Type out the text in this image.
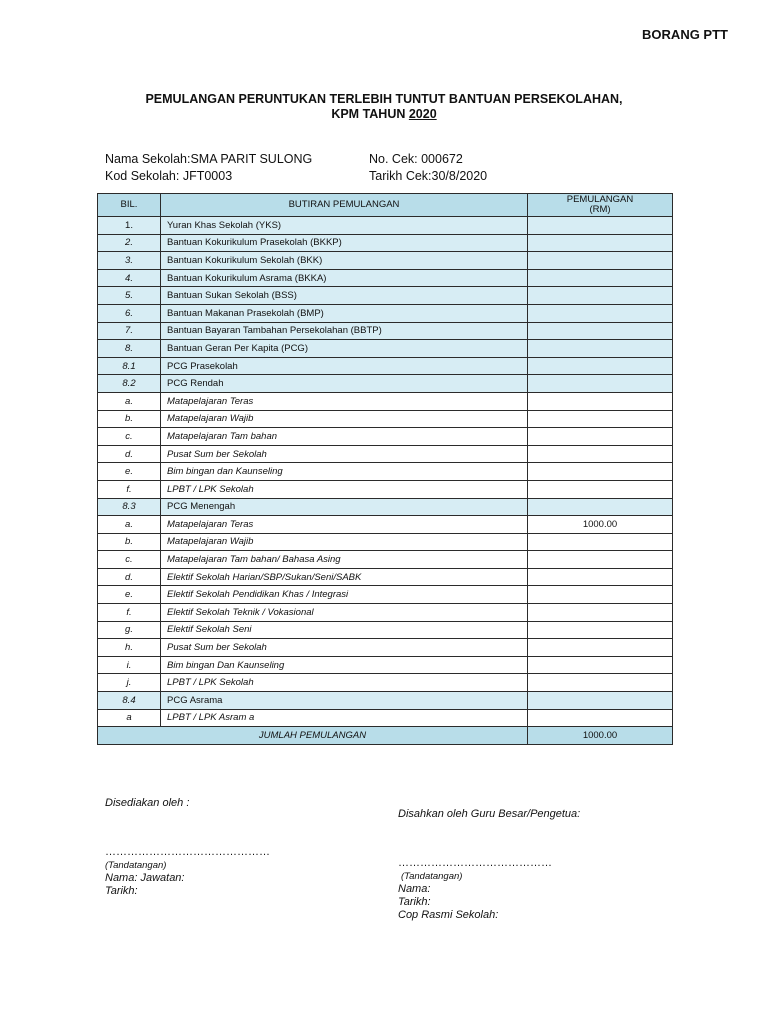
BORANG PTT
PEMULANGAN PERUNTUKAN TERLEBIH TUNTUT BANTUAN PERSEKOLAHAN,
KPM TAHUN 2020
Nama Sekolah:SMA PARIT SULONG
Kod Sekolah: JFT0003
No. Cek: 000672
Tarikh Cek:30/8/2020
BIL.	BUTIRAN PEMULANGAN	PEMULANGAN
(RM)

1.	Yuran Khas Sekolah (YKS)	
2.	Bantuan Kokurikulum Prasekolah (BKKP)	
3.	Bantuan Kokurikulum Sekolah (BKK)	
4.	Bantuan Kokurikulum Asrama (BKKA)	
5.	Bantuan Sukan Sekolah (BSS)	
6.	Bantuan Makanan Prasekolah (BMP)	
7.	Bantuan Bayaran Tambahan Persekolahan (BBTP)	
8.	Bantuan Geran Per Kapita (PCG)	
8.1	PCG Prasekolah	
8.2	PCG Rendah	
a.	Matapelajaran Teras	
b.	Matapelajaran Wajib	
c.	Matapelajaran Tam bahan	
d.	Pusat Sum ber Sekolah	
e.	Bim bingan dan Kaunseling	
f.	LPBT / LPK Sekolah	
8.3	PCG Menengah	
a.	Matapelajaran Teras	1000.00
b.	Matapelajaran Wajib	
c.	Matapelajaran Tam bahan/ Bahasa Asing	
d.	Elektif Sekolah Harian/SBP/Sukan/Seni/SABK	
e.	Elektif Sekolah Pendidikan Khas / Integrasi	
f.	Elektif Sekolah Teknik / Vokasional	
g.	Elektif Sekolah Seni	
h.	Pusat Sum ber Sekolah	
i.	Bim bingan Dan Kaunseling	
j.	LPBT / LPK Sekolah	
8.4	PCG Asrama	
a	LPBT / LPK Asram a	
JUMLAH PEMULANGAN		1000.00
Disediakan oleh :
………………………………………
(Tandatangan)
Nama: Jawatan:
Tarikh:
Disahkan oleh Guru Besar/Pengetua:
……………………………………
(Tandatangan)
Nama:
Tarikh:
Cop Rasmi Sekolah:
